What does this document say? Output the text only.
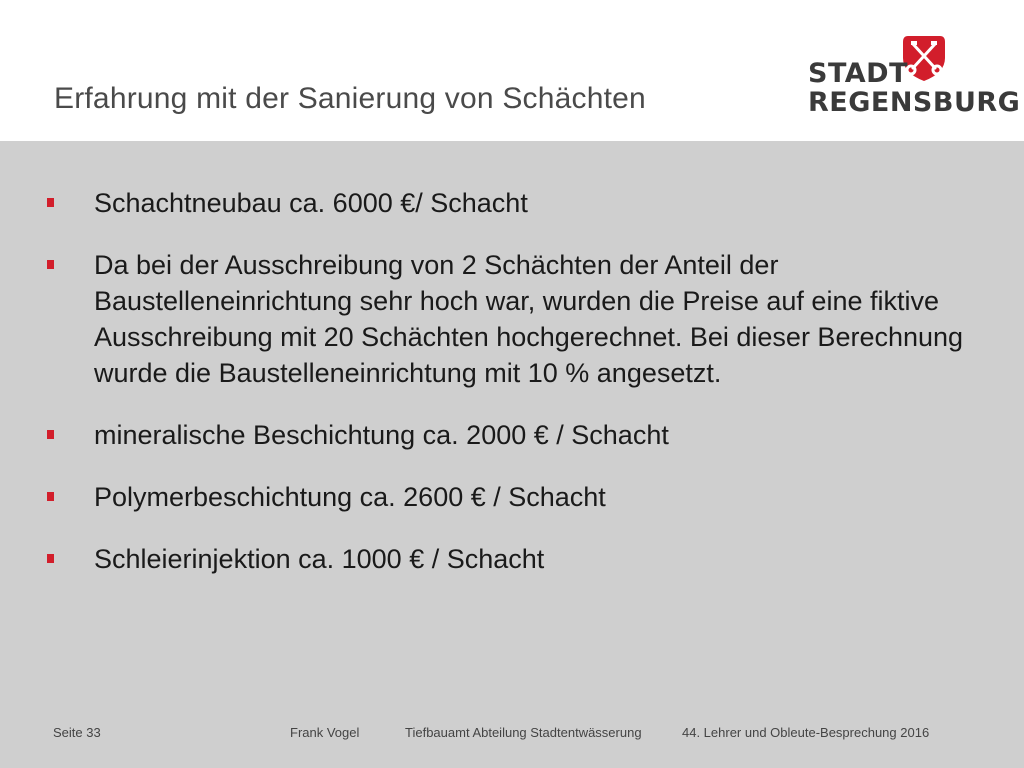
Erfahrung mit der Sanierung von Schächten
STADT
REGENSBURG
Schachtneubau ca. 6000 €/ Schacht
Da bei der Ausschreibung von 2 Schächten der Anteil der Baustelleneinrichtung sehr hoch war, wurden die Preise auf eine fiktive Ausschreibung mit 20 Schächten hochgerechnet. Bei dieser Berechnung wurde die Baustelleneinrichtung mit 10 % angesetzt.
mineralische Beschichtung ca. 2000 € / Schacht
Polymerbeschichtung ca. 2600 € / Schacht
Schleierinjektion ca. 1000 € / Schacht
Seite 33	Frank Vogel	Tiefbauamt Abteilung Stadtentwässerung	44. Lehrer und Obleute-Besprechung 2016
